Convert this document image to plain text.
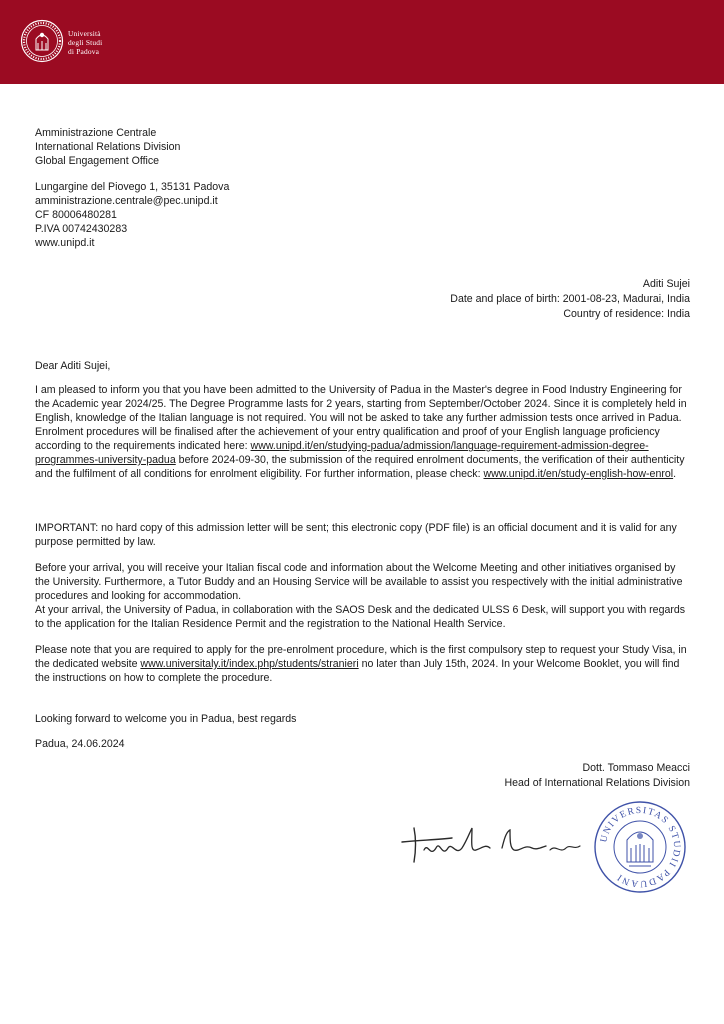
Università
degli Studi
di Padova
Amministrazione Centrale
International Relations Division
Global Engagement Office
Lungargine del Piovego 1, 35131 Padova
amministrazione.centrale@pec.unipd.it
CF 80006480281
P.IVA 00742430283
www.unipd.it
Aditi Sujei
Date and place of birth: 2001-08-23, Madurai, India
Country of residence: India
Dear Aditi Sujei,

I am pleased to inform you that you have been admitted to the University of Padua in the Master's degree in Food Industry Engineering for the Academic year 2024/25. The Degree Programme lasts for 2 years, starting from September/October 2024. Since it is completely held in English, knowledge of the Italian language is not required. You will not be asked to take any further admission tests once arrived in Padua.

Enrolment procedures will be finalised after the achievement of your entry qualification and proof of your English language proficiency according to the requirements indicated here: www.unipd.it/en/studying-padua/admission/language-requirement-admission-degree-programmes-university-padua before 2024-09-30, the submission of the required enrolment documents, the verification of their authenticity and the fulfilment of all conditions for enrolment eligibility. For further information, please check: www.unipd.it/en/study-english-how-enrol.

IMPORTANT: no hard copy of this admission letter will be sent; this electronic copy (PDF file) is an official document and it is valid for any purpose permitted by law.

Before your arrival, you will receive your Italian fiscal code and information about the Welcome Meeting and other initiatives organised by the University. Furthermore, a Tutor Buddy and an Housing Service will be available to assist you respectively with the initial administrative procedures and looking for accommodation.

At your arrival, the University of Padua, in collaboration with the SAOS Desk and the dedicated ULSS 6 Desk, will support you with regards to the application for the Italian Residence Permit and the registration to the National Health Service.

Please note that you are required to apply for the pre-enrolment procedure, which is the first compulsory step to request your Study Visa, in the dedicated website www.universitaly.it/index.php/students/stranieri no later than July 15th, 2024. In your Welcome Booklet, you will find the instructions on how to complete the procedure.

Looking forward to welcome you in Padua, best regards
Padua, 24.06.2024
Dott. Tommaso Meacci
Head of International Relations Division
UNIVERSITAS STUDII PADUANI
